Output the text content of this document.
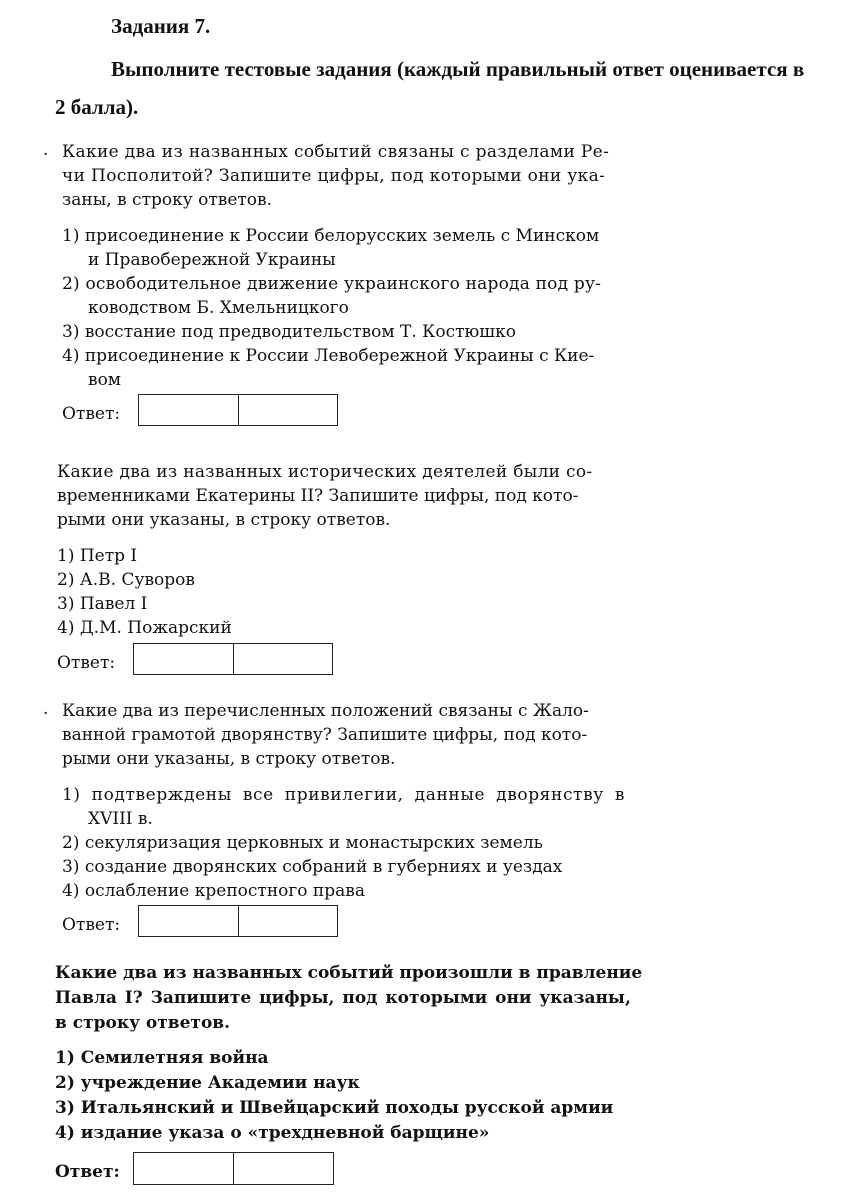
Задания 7.
Выполните тестовые задания (каждый правильный ответ оценивается в
2 балла).
. Какие два из названных событий связаны с разделами Ре-
чи Посполитой? Запишите цифры, под которыми они ука-
заны, в строку ответов.
1) присоединение к России белорусских земель с Минском
и Правобережной Украины
2) освободительное движение украинского народа под ру-
ководством Б. Хмельницкого
3) восстание под предводительством Т. Костюшко
4) присоединение к России Левобережной Украины с Кие-
вом
Ответ:
Какие два из названных исторических деятелей были со-
временниками Екатерины II? Запишите цифры, под кото-
рыми они указаны, в строку ответов.
1) Петр I
2) А.В. Суворов
3) Павел I
4) Д.М. Пожарский
Ответ:
. Какие два из перечисленных положений связаны с Жало-
ванной грамотой дворянству? Запишите цифры, под кото-
рыми они указаны, в строку ответов.
1) подтверждены все привилегии, данные дворянству в
XVIII в.
2) секуляризация церковных и монастырских земель
3) создание дворянских собраний в губерниях и уездах
4) ослабление крепостного права
Ответ:
Какие два из названных событий произошли в правление
Павла I? Запишите цифры, под которыми они указаны,
в строку ответов.
1) Семилетняя война
2) учреждение Академии наук
3) Итальянский и Швейцарский походы русской армии
4) издание указа о «трехдневной барщине»
Ответ:
